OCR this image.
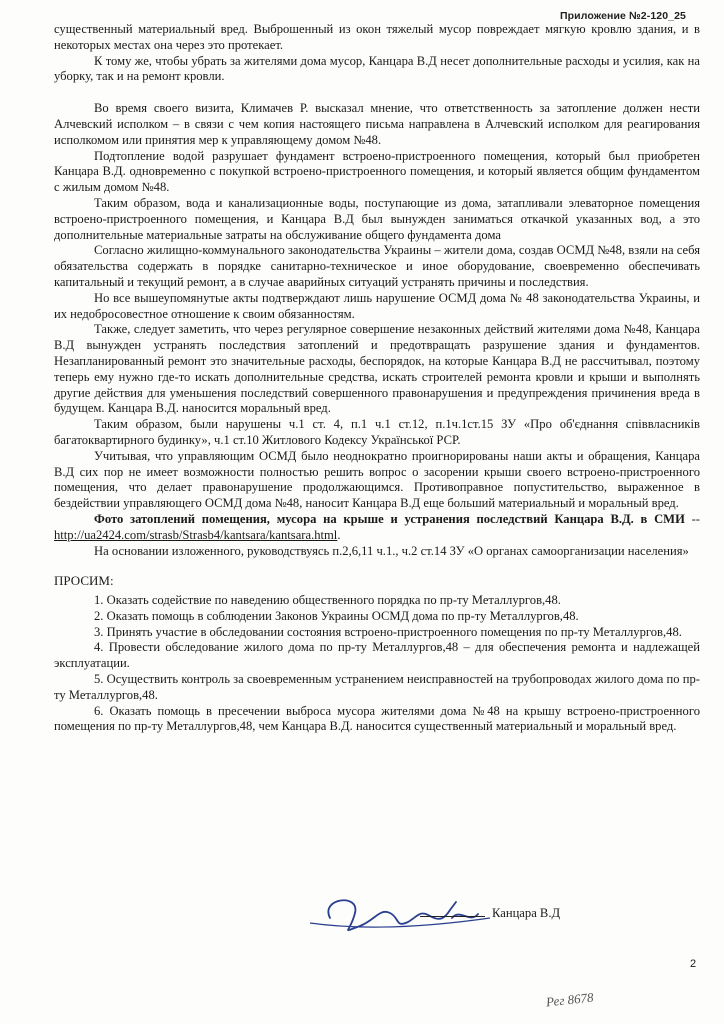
Приложение №2-120_25

существенный материальный вред. Выброшенный из окон тяжелый мусор повреждает мягкую кровлю здания, и в некоторых местах она через это протекает.

К тому же, чтобы убрать за жителями дома мусор, Канцара В.Д несет дополнительные расходы и усилия, как на уборку, так и на ремонт кровли.

Во время своего визита, Климачев Р. высказал мнение, что ответственность за затопление должен нести Алчевский исполком – в связи с чем копия настоящего письма направлена в Алчевский исполком для реагирования исполкомом или принятия мер к управляющему домом №48.

Подтопление водой разрушает фундамент встроено-пристроенного помещения, который был приобретен Канцара В.Д. одновременно с покупкой встроено-пристроенного помещения, и который является общим фундаментом с жилым домом №48.

Таким образом, вода и канализационные воды, поступающие из дома, затапливали элеваторное помещения встроено-пристроенного помещения, и Канцара В.Д был вынужден заниматься откачкой указанных вод, а это дополнительные материальные затраты на обслуживание общего фундамента дома

Согласно жилищно-коммунального законодательства Украины – жители дома, создав ОСМД №48, взяли на себя обязательства содержать в порядке санитарно-техническое и иное оборудование, своевременно обеспечивать капитальный и текущий ремонт, а в случае аварийных ситуаций устранять причины и последствия.

Но все вышеупомянутые акты подтверждают лишь нарушение ОСМД дома № 48 законодательства Украины, и их недобросовестное отношение к своим обязанностям.

Также, следует заметить, что через регулярное совершение незаконных действий жителями дома №48, Канцара В.Д вынужден устранять последствия затоплений и предотвращать разрушение здания и фундаментов. Незапланированный ремонт это значительные расходы, беспорядок, на которые Канцара В.Д не рассчитывал, поэтому теперь ему нужно где-то искать дополнительные средства, искать строителей ремонта кровли и крыши и выполнять другие действия для уменьшения последствий совершенного правонарушения и предупреждения причинения вреда в будущем. Канцара В.Д. наносится моральный вред.

Таким образом, были нарушены ч.1 ст. 4, п.1 ч.1 ст.12, п.1ч.1ст.15 ЗУ «Про об'єднання співвласників багатоквартирного будинку», ч.1 ст.10 Житлового Кодексу Української РСР.

Учитывая, что управляющим ОСМД было неоднократно проигнорированы наши акты и обращения, Канцара В.Д сих пор не имеет возможности полностью решить вопрос о засорении крыши своего встроено-пристроенного помещения, что делает правонарушение продолжающимся. Противоправное попустительство, выраженное в бездействии управляющего ОСМД дома №48, наносит Канцара В.Д еще больший материальный и моральный вред.

Фото затоплений помещения, мусора на крыше и устранения последствий Канцара В.Д. в СМИ -- http://ua2424.com/strasb/Strasb4/kantsara/kantsara.html.

На основании изложенного, руководствуясь п.2,6,11 ч.1., ч.2 ст.14 ЗУ «О органах самоорганизации населения»

ПРОСИМ:

1. Оказать содействие по наведению общественного порядка по пр-ту Металлургов,48.

2. Оказать помощь в соблюдении Законов Украины ОСМД дома по пр-ту Металлургов,48.

3. Принять участие в обследовании состояния встроено-пристроенного помещения по пр-ту Металлургов,48.

4. Провести обследование жилого дома по пр-ту Металлургов,48 – для обеспечения ремонта и надлежащей эксплуатации.

5. Осуществить контроль за своевременным устранением неисправностей на трубопроводах жилого дома по пр-ту Металлургов,48.

6. Оказать помощь в пресечении выброса мусора жителями дома №48 на крышу встроено-пристроенного помещения по пр-ту Металлургов,48, чем Канцара В.Д. наносится существенный материальный и моральный вред.

Канцара В.Д
2
Рег 8678
